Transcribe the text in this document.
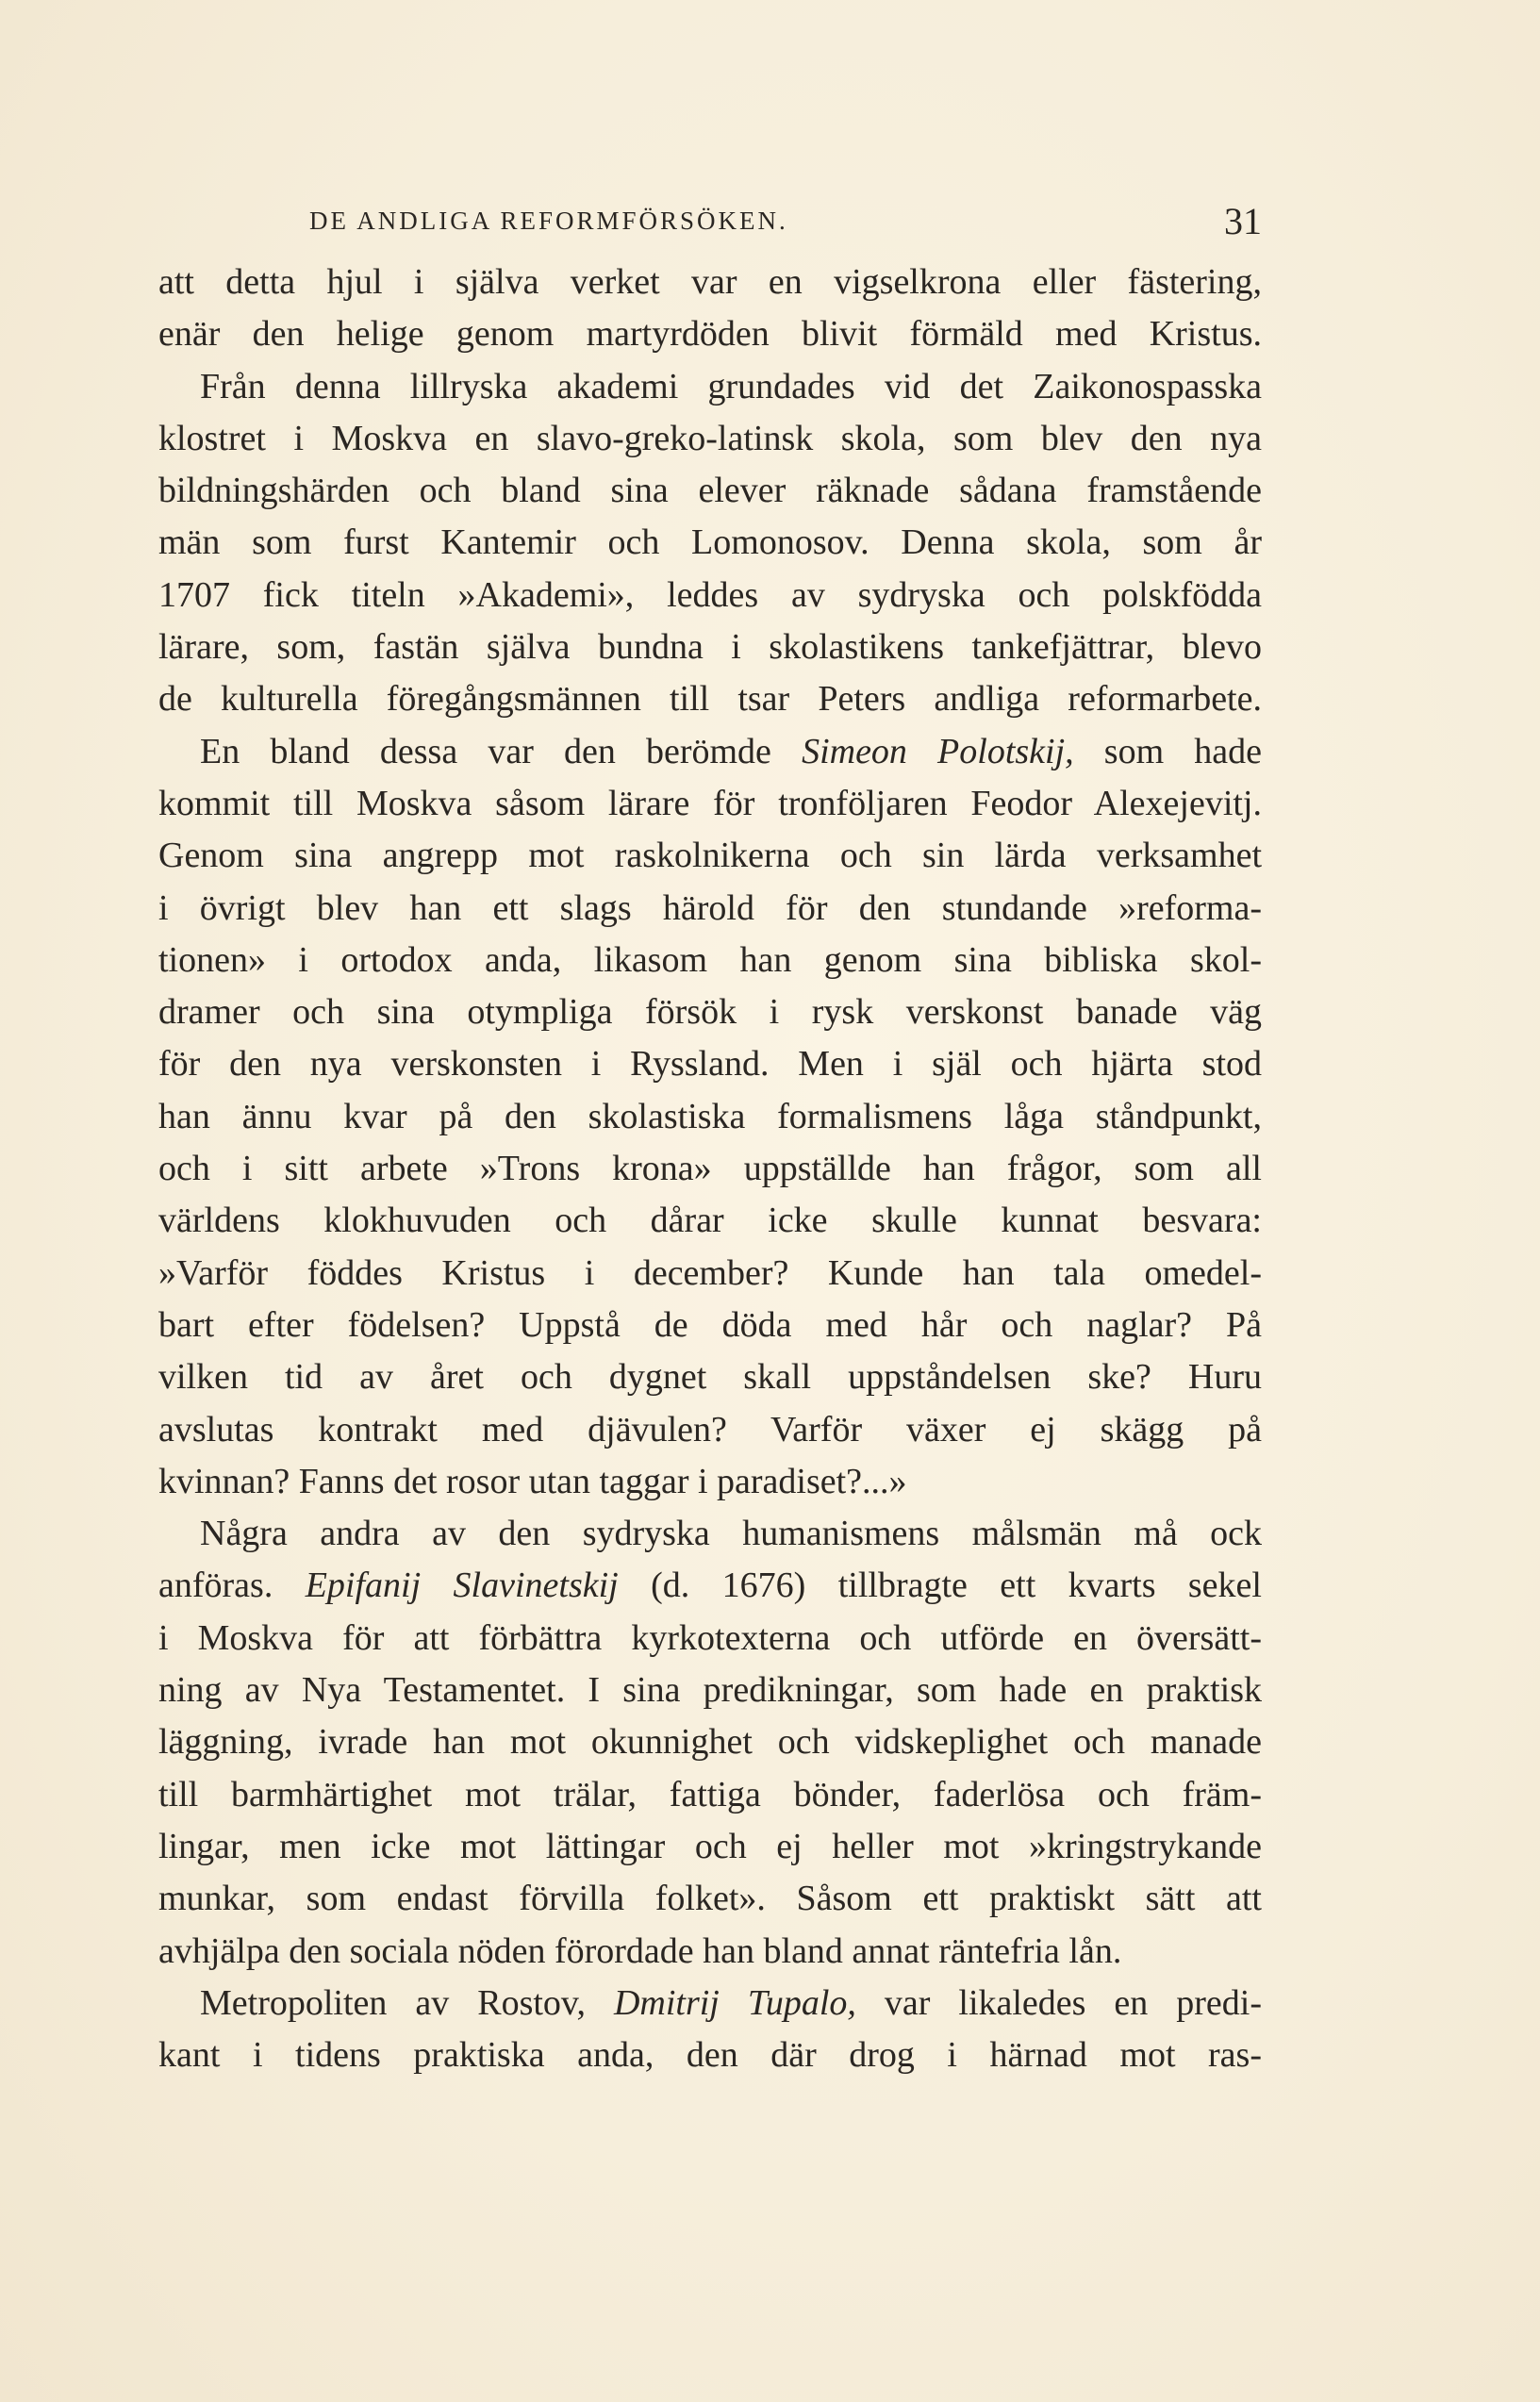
DE ANDLIGA REFORMFÖRSÖKEN.	31
att detta hjul i själva verket var en vigselkrona eller fästering,
enär den helige genom martyrdöden blivit förmäld med Kristus.
Från denna lillryska akademi grundades vid det Zaikonospasska
klostret i Moskva en slavo-greko-latinsk skola, som blev den nya
bildningshärden och bland sina elever räknade sådana framstående
män som furst Kantemir och Lomonosov. Denna skola, som år
1707 fick titeln »Akademi», leddes av sydryska och polskfödda
lärare, som, fastän själva bundna i skolastikens tankefjättrar, blevo
de kulturella föregångsmännen till tsar Peters andliga reformarbete.
En bland dessa var den berömde Simeon Polotskij, som hade
kommit till Moskva såsom lärare för tronföljaren Feodor Alexejevitj.
Genom sina angrepp mot raskolnikerna och sin lärda verksamhet
i övrigt blev han ett slags härold för den stundande »reforma-
tionen» i ortodox anda, likasom han genom sina bibliska skol-
dramer och sina otympliga försök i rysk verskonst banade väg
för den nya verskonsten i Ryssland. Men i själ och hjärta stod
han ännu kvar på den skolastiska formalismens låga ståndpunkt,
och i sitt arbete »Trons krona» uppställde han frågor, som all
världens klokhuvuden och dårar icke skulle kunnat besvara:
»Varför föddes Kristus i december? Kunde han tala omedel-
bart efter födelsen? Uppstå de döda med hår och naglar? På
vilken tid av året och dygnet skall uppståndelsen ske? Huru
avslutas kontrakt med djävulen? Varför växer ej skägg på
kvinnan? Fanns det rosor utan taggar i paradiset?...»
Några andra av den sydryska humanismens målsmän må ock
anföras. Epifanij Slavinetskij (d. 1676) tillbragte ett kvarts sekel
i Moskva för att förbättra kyrkotexterna och utförde en översätt-
ning av Nya Testamentet. I sina predikningar, som hade en praktisk
läggning, ivrade han mot okunnighet och vidskeplighet och manade
till barmhärtighet mot trälar, fattiga bönder, faderlösa och främ-
lingar, men icke mot lättingar och ej heller mot »kringstrykande
munkar, som endast förvilla folket». Såsom ett praktiskt sätt att
avhjälpa den sociala nöden förordade han bland annat räntefria lån.
Metropoliten av Rostov, Dmitrij Tupalo, var likaledes en predi-
kant i tidens praktiska anda, den där drog i härnad mot ras-
